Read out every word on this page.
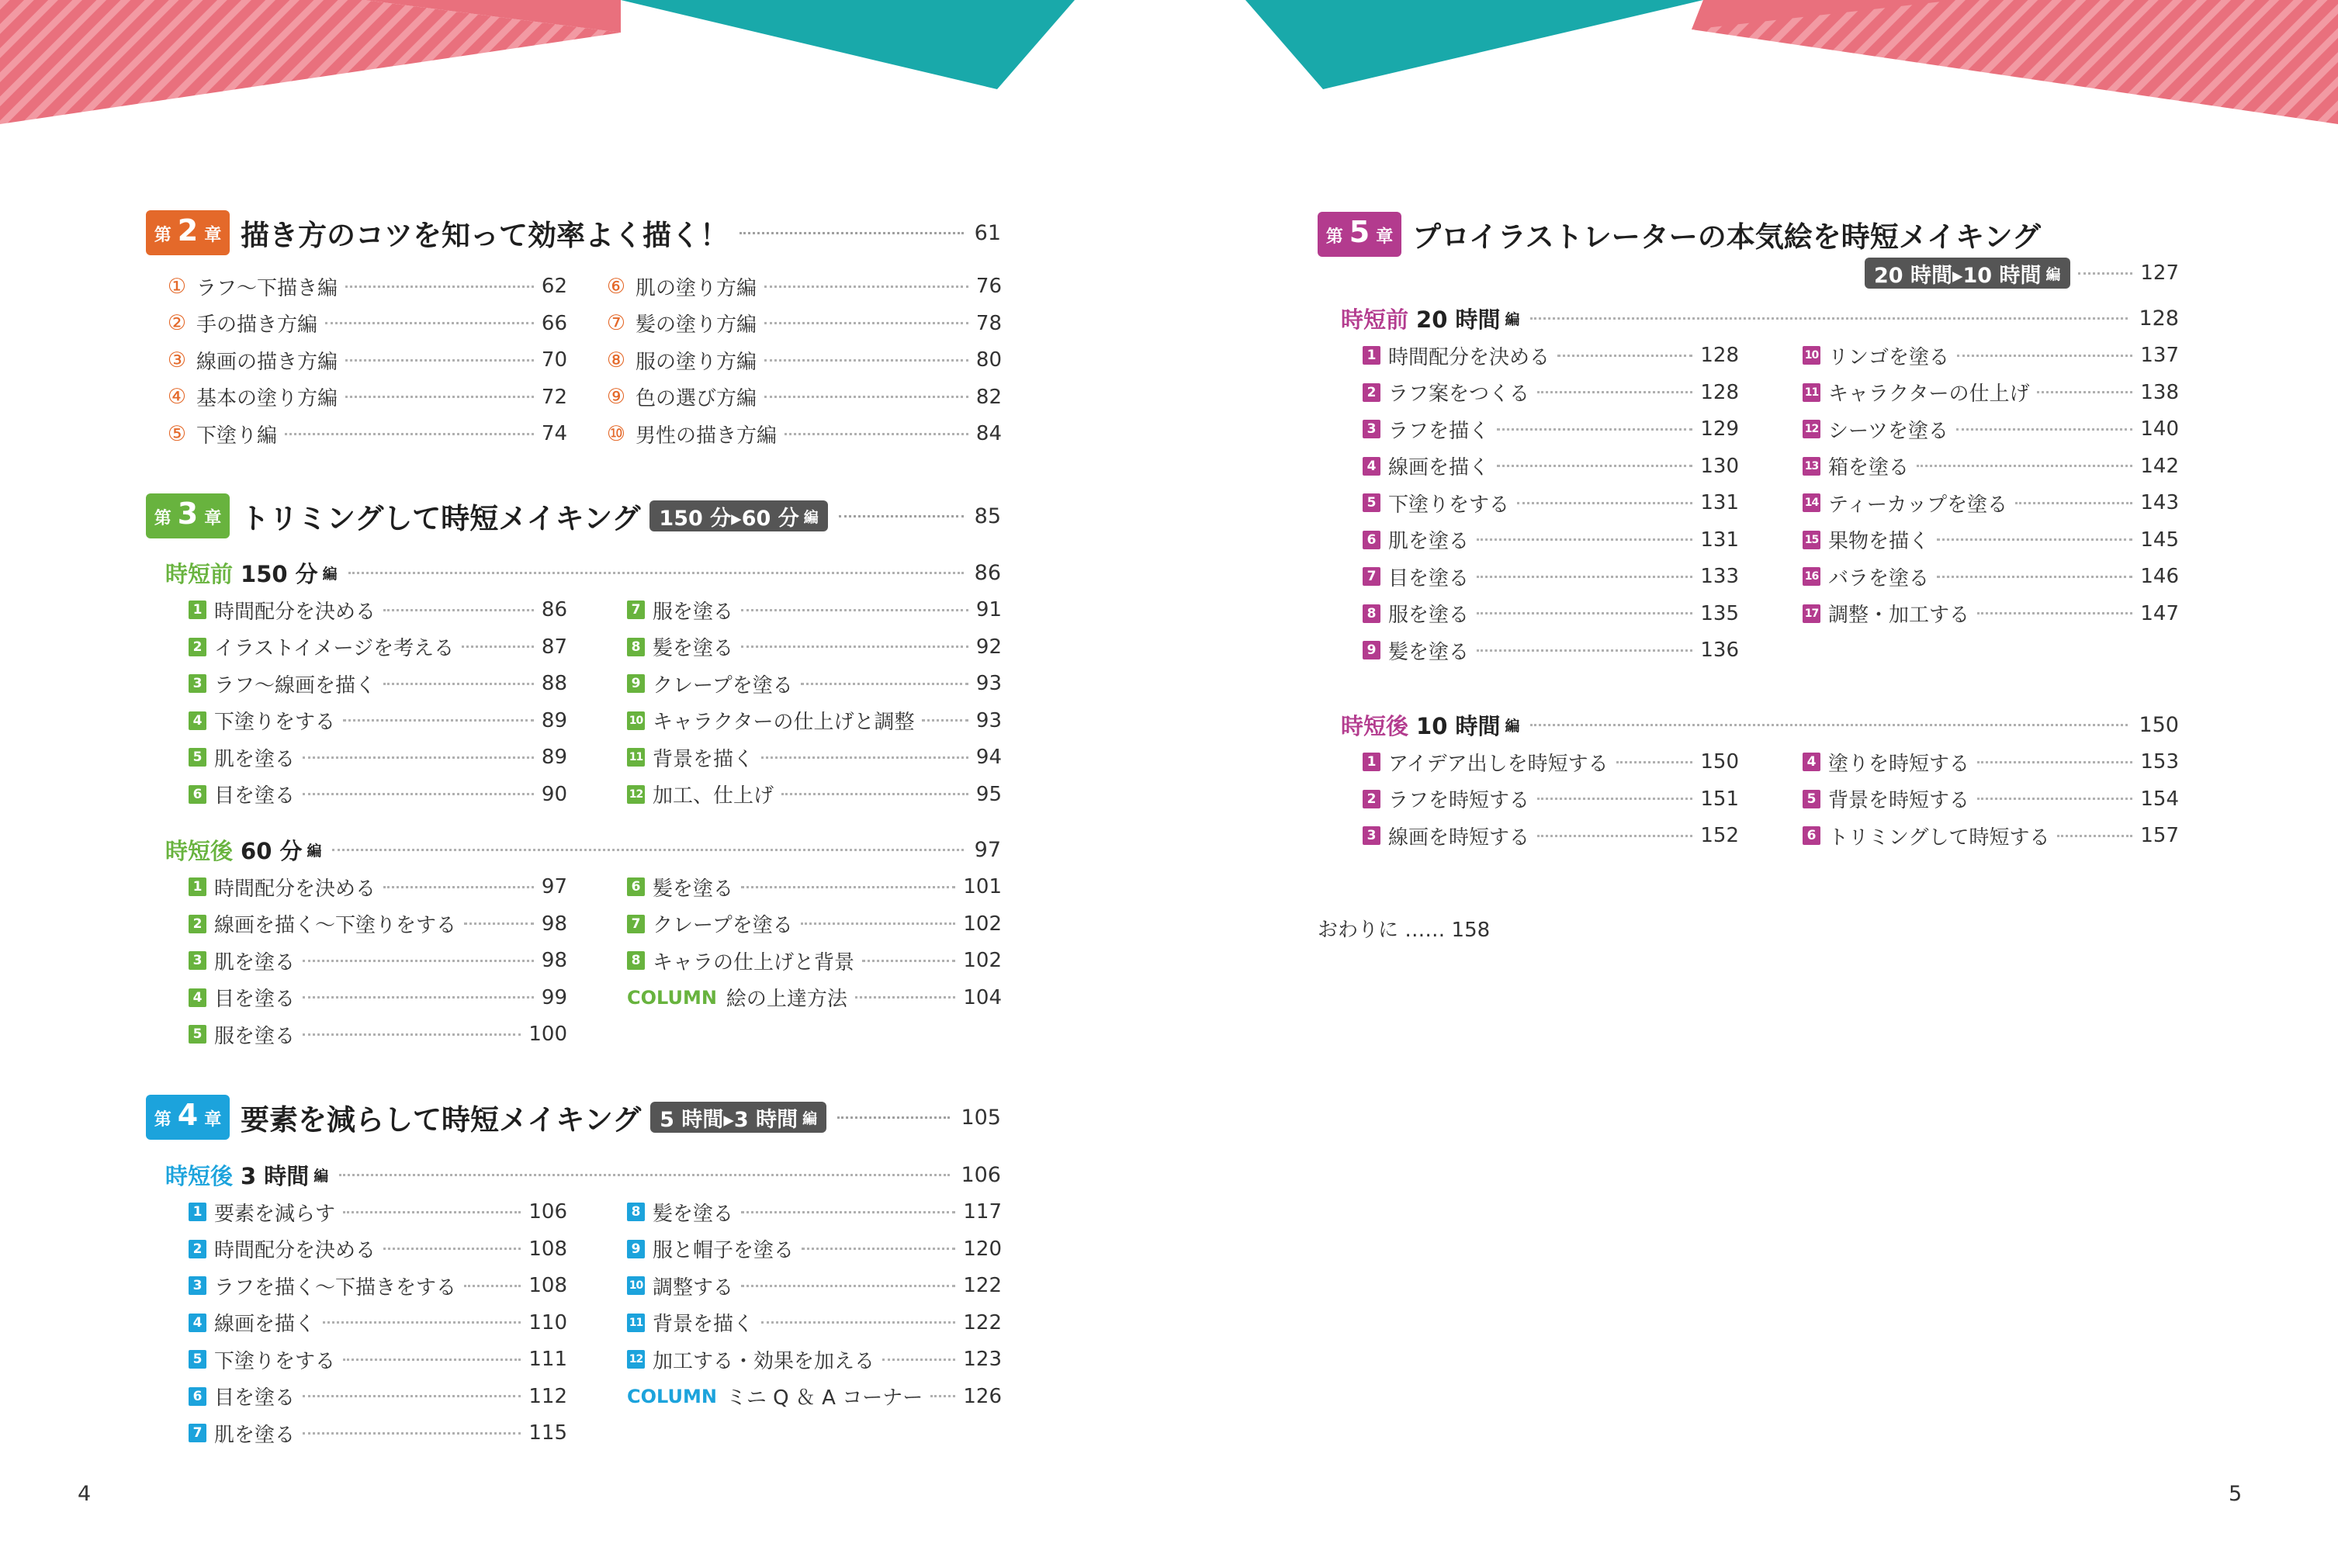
第 2 章 描き方のコツを知って効率よく描く！	61
① ラフ〜下描き編	62
② 手の描き方編	66
③ 線画の描き方編	70
④ 基本の塗り方編	72
⑤ 下塗り編	74
⑥ 肌の塗り方編	76
⑦ 髪の塗り方編	78
⑧ 服の塗り方編	80
⑨ 色の選び方編	82
⑩ 男性の描き方編	84
第 3 章 トリミングして時短メイキング 150 分▸60 分 編	85
時短前 150 分 編	86
1 時間配分を決める	86
2 イラストイメージを考える	87
3 ラフ〜線画を描く	88
4 下塗りをする	89
5 肌を塗る	89
6 目を塗る	90
7 服を塗る	91
8 髪を塗る	92
9 クレープを塗る	93
10 キャラクターの仕上げと調整	93
11 背景を描く	94
12 加工、仕上げ	95
時短後 60 分 編	97
1 時間配分を決める	97
2 線画を描く〜下塗りをする	98
3 肌を塗る	98
4 目を塗る	99
5 服を塗る	100
6 髪を塗る	101
7 クレープを塗る	102
8 キャラの仕上げと背景	102
COLUMN 絵の上達方法	104
第 4 章 要素を減らして時短メイキング 5 時間▸3 時間 編	105
時短後 3 時間 編	106
1 要素を減らす	106
2 時間配分を決める	108
3 ラフを描く〜下描きをする	108
4 線画を描く	110
5 下塗りをする	111
6 目を塗る	112
7 肌を塗る	115
8 髪を塗る	117
9 服と帽子を塗る	120
10 調整する	122
11 背景を描く	122
12 加工する・効果を加える	123
COLUMN ミニ Q ＆ A コーナー 126
第 5 章 プロイラストレーターの本気絵を時短メイキング
20 時間▸10 時間 編	127
時短前 20 時間 編	128
1 時間配分を決める	128
2 ラフ案をつくる	128
3 ラフを描く	129
4 線画を描く	130
5 下塗りをする	131
6 肌を塗る	131
7 目を塗る	133
8 服を塗る	135
9 髪を塗る	136
10 リンゴを塗る	137
11 キャラクターの仕上げ	138
12 シーツを塗る	140
13 箱を塗る	142
14 ティーカップを塗る	143
15 果物を描く	145
16 バラを塗る	146
17 調整・加工する	147
時短後 10 時間 編	150
1 アイデア出しを時短する	150
2 ラフを時短する	151
3 線画を時短する	152
4 塗りを時短する	153
5 背景を時短する	154
6 トリミングして時短する	157
おわりに …… 158
4	5
